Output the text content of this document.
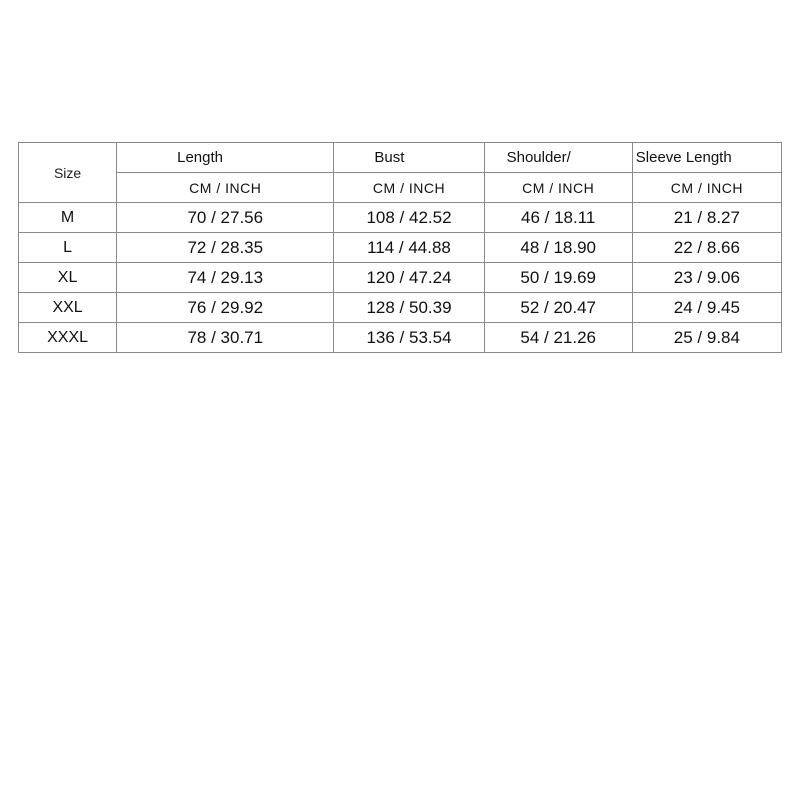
Size	Length	Bust	Shoulder/	Sleeve Length
	CM / INCH	CM / INCH	CM / INCH	CM / INCH
M	70 / 27.56	108 / 42.52	46 / 18.11	21 / 8.27
L	72 / 28.35	114 / 44.88	48 / 18.90	22 / 8.66
XL	74 / 29.13	120 / 47.24	50 / 19.69	23 / 9.06
XXL	76 / 29.92	128 / 50.39	52 / 20.47	24 / 9.45
XXXL	78 / 30.71	136 / 53.54	54 / 21.26	25 / 9.84
